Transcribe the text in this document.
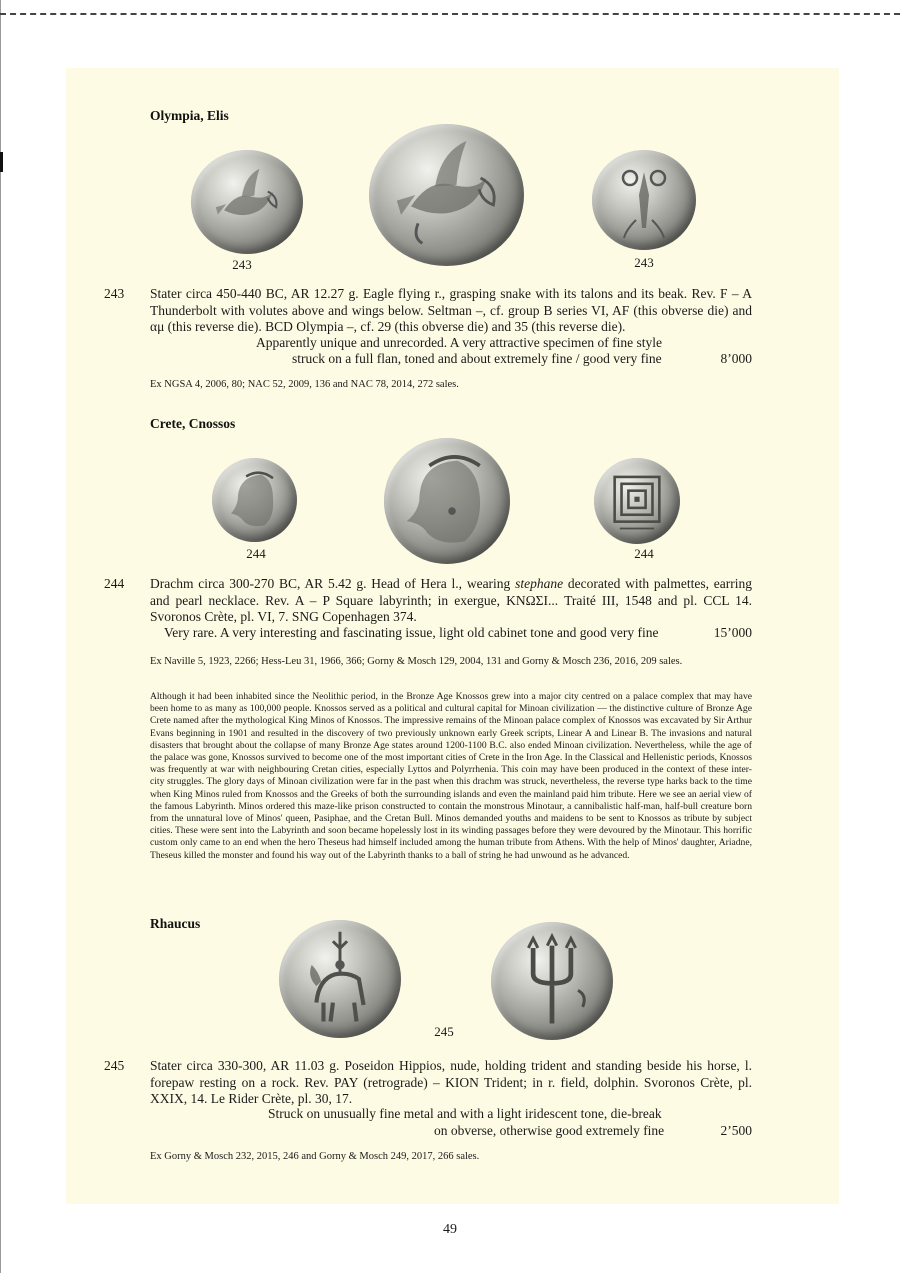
Olympia, Elis
243	243
243 Stater circa 450-440 BC, AR 12.27 g. Eagle flying r., grasping snake with its talons and its beak. Rev. F – A Thunderbolt with volutes above and wings below. Seltman –, cf. group B series VI, AF (this obverse die) and αμ (this reverse die). BCD Olympia –, cf. 29 (this obverse die) and 35 (this reverse die).
Apparently unique and unrecorded. A very attractive specimen of fine style
struck on a full flan, toned and about extremely fine / good very fine	8’000
Ex NGSA 4, 2006, 80; NAC 52, 2009, 136 and NAC 78, 2014, 272 sales.
Crete, Cnossos
244	244
244 Drachm circa 300-270 BC, AR 5.42 g. Head of Hera l., wearing stephane decorated with palmettes, earring and pearl necklace. Rev. A – P Square labyrinth; in exergue, ΚΝΩΣΙ... Traité III, 1548 and pl. CCL 14. Svoronos Crète, pl. VI, 7. SNG Copenhagen 374.
Very rare. A very interesting and fascinating issue, light old cabinet tone and good very fine	15’000
Ex Naville 5, 1923, 2266; Hess-Leu 31, 1966, 366; Gorny & Mosch 129, 2004, 131 and Gorny & Mosch 236, 2016, 209 sales.
Although it had been inhabited since the Neolithic period, in the Bronze Age Knossos grew into a major city centred on a palace complex that may have been home to as many as 100,000 people. Knossos served as a political and cultural capital for Minoan civilization — the distinctive culture of Bronze Age Crete named after the mythological King Minos of Knossos. The impressive remains of the Minoan palace complex of Knossos was excavated by Sir Arthur Evans beginning in 1901 and resulted in the discovery of two previously unknown early Greek scripts, Linear A and Linear B. The invasions and natural disasters that brought about the collapse of many Bronze Age states around 1200-1100 B.C. also ended Minoan civilization. Nevertheless, while the age of the palace was gone, Knossos survived to become one of the most important cities of Crete in the Iron Age. In the Classical and Hellenistic periods, Knossos was frequently at war with neighbouring Cretan cities, especially Lyttos and Polyrrhenia. This coin may have been produced in the context of these inter-city struggles. The glory days of Minoan civilization were far in the past when this drachm was struck, nevertheless, the reverse type harks back to the time when King Minos ruled from Knossos and the Greeks of both the surrounding islands and even the mainland paid him tribute. Here we see an aerial view of the famous Labyrinth. Minos ordered this maze-like prison constructed to contain the monstrous Minotaur, a cannibalistic half-man, half-bull creature born from the unnatural love of Minos' queen, Pasiphae, and the Cretan Bull. Minos demanded youths and maidens to be sent to Knossos as tribute by subject cities. These were sent into the Labyrinth and soon became hopelessly lost in its winding passages before they were devoured by the Minotaur. This horrific custom only came to an end when the hero Theseus had himself included among the human tribute from Athens. With the help of Minos' daughter, Ariadne, Theseus killed the monster and found his way out of the Labyrinth thanks to a ball of string he had unwound as he advanced.
Rhaucus
245
245 Stater circa 330-300, AR 11.03 g. Poseidon Hippios, nude, holding trident and standing beside his horse, l. forepaw resting on a rock. Rev. PAY (retrograde) – KION Trident; in r. field, dolphin. Svoronos Crète, pl. XXIX, 14. Le Rider Crète, pl. 30, 17.
Struck on unusually fine metal and with a light iridescent tone, die-break
on obverse, otherwise good extremely fine	2’500
Ex Gorny & Mosch 232, 2015, 246 and Gorny & Mosch 249, 2017, 266 sales.
49
